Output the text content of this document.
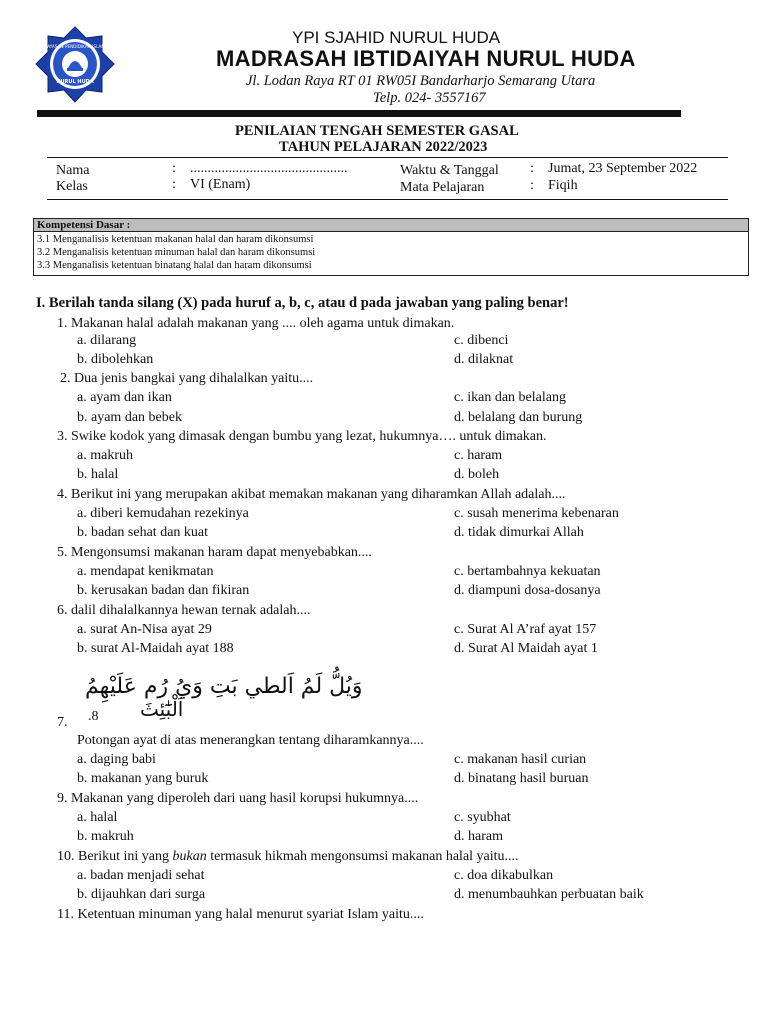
YAYASAN PENDIDIKAN ISLAM
NURUL HUDA
YPI SJAHID NURUL HUDA
MADRASAH IBTIDAIYAH NURUL HUDA
Jl. Lodan Raya RT 01 RW05I Bandarharjo Semarang Utara
Telp. 024- 3557167
PENILAIAN TENGAH SEMESTER GASAL
TAHUN PELAJARAN 2022/2023
Nama	: .............................................
Kelas	: VI (Enam)
Waktu & Tanggal : Jumat, 23 September 2022
Mata Pelajaran	: Fiqih
Kompetensi Dasar :
3.1 Menganalisis ketentuan makanan halal dan haram dikonsumsi
3.2 Menganalisis ketentuan minuman halal dan haram dikonsumsi
3.3 Menganalisis ketentuan binatang halal dan haram dikonsumsi
I. Berilah tanda silang (X) pada huruf a, b, c, atau d pada jawaban yang paling benar!
1. Makanan halal adalah makanan yang .... oleh agama untuk dimakan.
a. dilarang
b. dibolehkan
c. dibenci
d. dilaknat
2. Dua jenis bangkai yang dihalalkan yaitu....
a. ayam dan ikan
b. ayam dan bebek
c. ikan dan belalang
d. belalang dan burung
3. Swike kodok yang dimasak dengan bumbu yang lezat, hukumnya…. untuk dimakan.
a. makruh
b. halal
c. haram
d. boleh
4. Berikut ini yang merupakan akibat memakan makanan yang diharamkan Allah adalah....
a. diberi kemudahan rezekinya
b. badan sehat dan kuat
c. susah menerima kebenaran
d. tidak dimurkai Allah
5. Mengonsumsi makanan haram dapat menyebabkan....
a. mendapat kenikmatan
b. kerusakan badan dan fikiran
c. bertambahnya kekuatan
d. diampuni dosa-dosanya
6. dalil dihalalkannya hewan ternak adalah....
a. surat An-Nisa ayat 29
b. surat Al-Maidah ayat 188
c. Surat Al A’raf ayat 157
d. Surat Al Maidah ayat 1
وَيُلُّ لَمُ اَلطي بَتِ وَيُ رُم عَلَيْهِمُ
اَلْبَٰٓئِثَ
7. .8
Potongan ayat di atas menerangkan tentang diharamkannya....
a. daging babi
b. makanan yang buruk
c. makanan hasil curian
d. binatang hasil buruan
9. Makanan yang diperoleh dari uang hasil korupsi hukumnya....
a. halal
b. makruh
c. syubhat
d. haram
10. Berikut ini yang bukan termasuk hikmah mengonsumsi makanan halal yaitu....
a. badan menjadi sehat
b. dijauhkan dari surga
c. doa dikabulkan
d. menumbauhkan perbuatan baik
11. Ketentuan minuman yang halal menurut syariat Islam yaitu....
